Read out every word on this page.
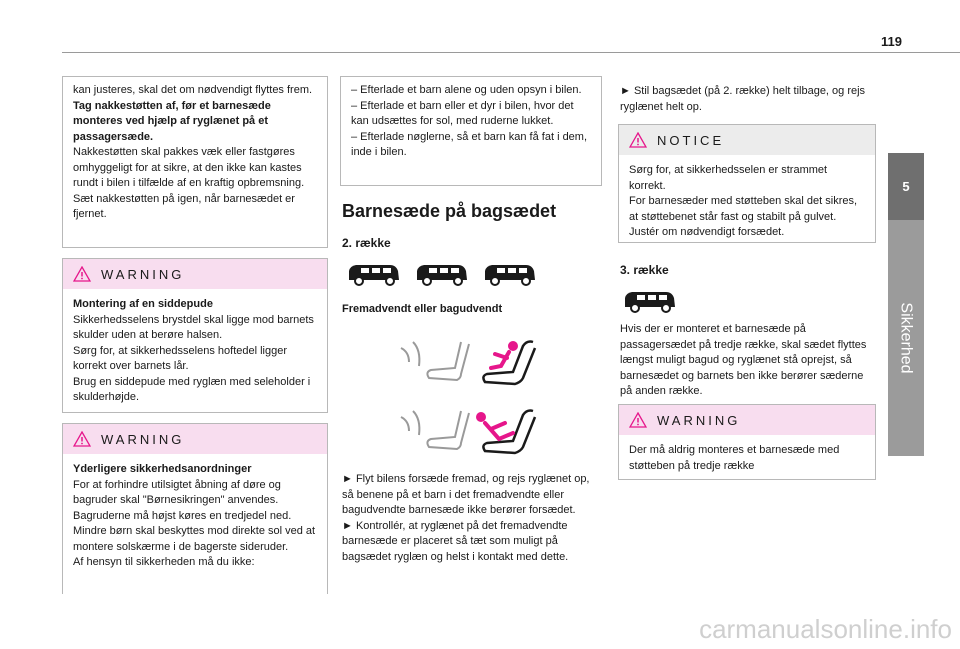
119
5
Sikkerhed
kan justeres, skal det om nødvendigt flyttes frem.
Tag nakkestøtten af, før et barnesæde monteres ved hjælp af ryglænet på et passagersæde.
Nakkestøtten skal pakkes væk eller fastgøres omhyggeligt for at sikre, at den ikke kan kastes rundt i bilen i tilfælde af en kraftig opbremsning. Sæt nakkestøtten på igen, når barnesædet er fjernet.
WARNING
Montering af en siddepude
Sikkerhedsselens brystdel skal ligge mod barnets skulder uden at berøre halsen.
Sørg for, at sikkerhedsselens hoftedel ligger korrekt over barnets lår.
Brug en siddepude med ryglæn med seleholder i skulderhøjde.
WARNING
Yderligere sikkerhedsanordninger
For at forhindre utilsigtet åbning af døre og bagruder skal "Børnesikringen" anvendes.
Bagruderne må højst køres en tredjedel ned.
Mindre børn skal beskyttes mod direkte sol ved at montere solskærme i de bagerste sideruder.
Af hensyn til sikkerheden må du ikke:
– Efterlade et barn alene og uden opsyn i bilen.
– Efterlade et barn eller et dyr i bilen, hvor det kan udsættes for sol, med ruderne lukket.
– Efterlade nøglerne, så et barn kan få fat i dem, inde i bilen.
Barnesæde på bagsædet
2. række
Fremadvendt eller bagudvendt
► Flyt bilens forsæde fremad, og rejs ryglænet op, så benene på et barn i det fremadvendte eller bagudvendte barnesæde ikke berører forsædet.
► Kontrollér, at ryglænet på det fremadvendte barnesæde er placeret så tæt som muligt på bagsædet ryglæn og helst i kontakt med dette.
► Stil bagsædet (på 2. række) helt tilbage, og rejs ryglænet helt op.
NOTICE
Sørg for, at sikkerhedsselen er strammet korrekt.
For barnesæder med støtteben skal det sikres, at støttebenet står fast og stabilt på gulvet. Justér om nødvendigt forsædet.
3. række
Hvis der er monteret et barnesæde på passagersædet på tredje række, skal sædet flyttes længst muligt bagud og ryglænet stå oprejst, så barnesædet og barnets ben ikke berører sæderne på anden række.
WARNING
Der må aldrig monteres et barnesæde med støtteben på tredje række
carmanualsonline.info
